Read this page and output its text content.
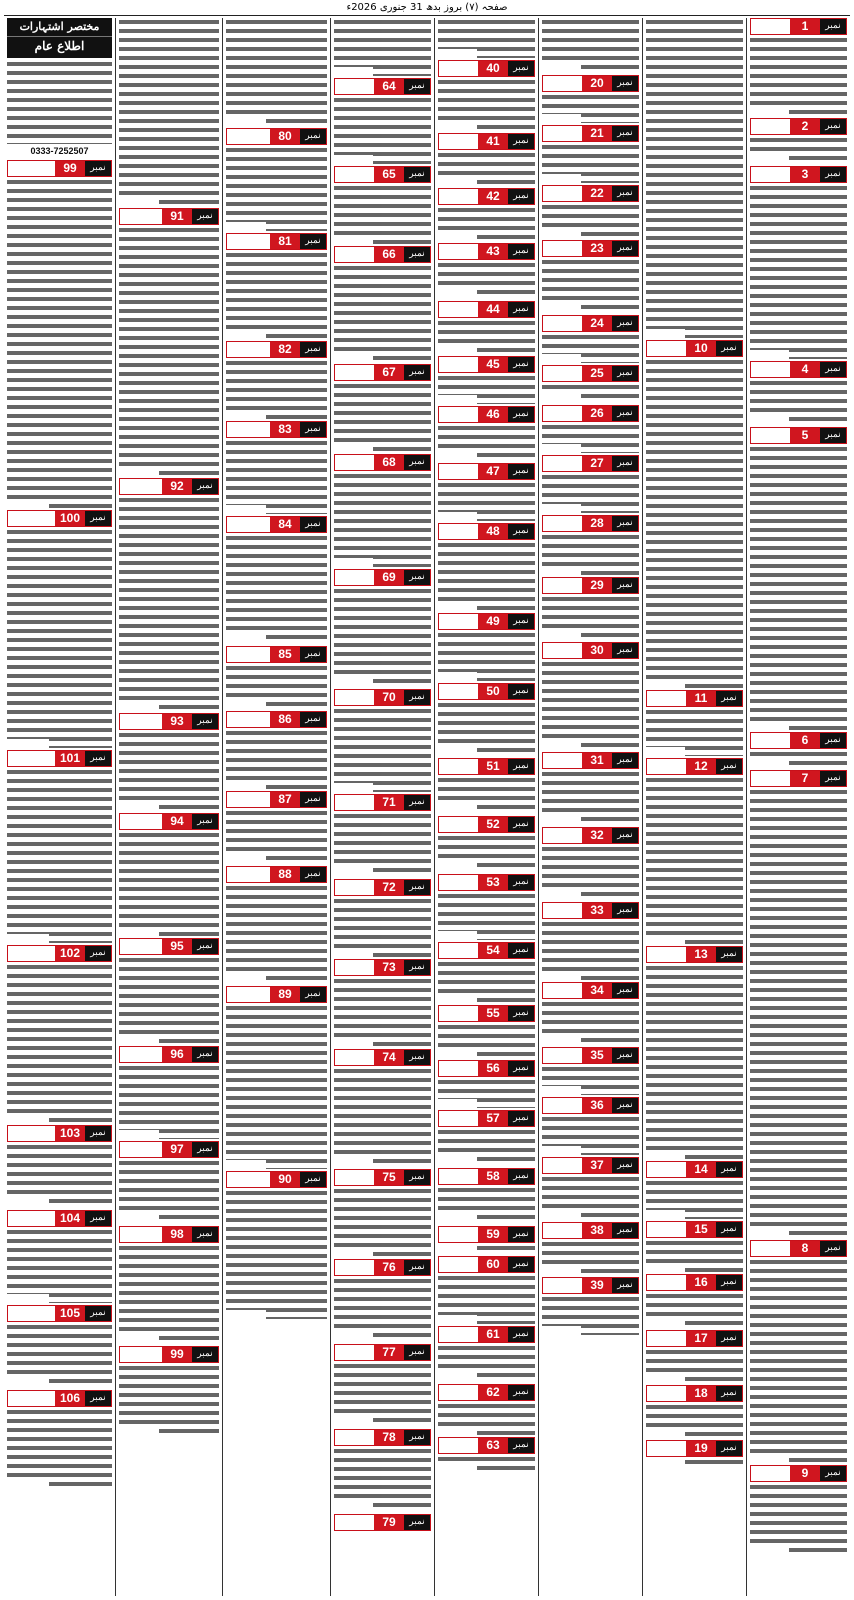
صفحہ (۷) بروز بدھ 31 جنوری 2026ء
1	نمبر
2	نمبر
3	نمبر
4	نمبر
5	نمبر
6	نمبر
7	نمبر
8	نمبر
9	نمبر
10	نمبر
11	نمبر
12	نمبر
13	نمبر
14	نمبر
15	نمبر
16	نمبر
17	نمبر
18	نمبر
19	نمبر
20	نمبر
21	نمبر
22	نمبر
23	نمبر
24	نمبر
25	نمبر
26	نمبر
27	نمبر
28	نمبر
29	نمبر
30	نمبر
31	نمبر
32	نمبر
33	نمبر
34	نمبر
35	نمبر
36	نمبر
37	نمبر
38	نمبر
39	نمبر
40	نمبر
41	نمبر
42	نمبر
43	نمبر
44	نمبر
45	نمبر
46	نمبر
47	نمبر
48	نمبر
49	نمبر
50	نمبر
51	نمبر
52	نمبر
53	نمبر
54	نمبر
55	نمبر
56	نمبر
57	نمبر
58	نمبر
59	نمبر
60	نمبر
61	نمبر
62	نمبر
63	نمبر
64	نمبر
65	نمبر
66	نمبر
67	نمبر
68	نمبر
69	نمبر
70	نمبر
71	نمبر
72	نمبر
73	نمبر
74	نمبر
75	نمبر
76	نمبر
77	نمبر
78	نمبر
79	نمبر
80	نمبر
81	نمبر
82	نمبر
83	نمبر
84	نمبر
85	نمبر
86	نمبر
87	نمبر
88	نمبر
89	نمبر
90	نمبر
91	نمبر
92	نمبر
93	نمبر
94	نمبر
95	نمبر
96	نمبر
97	نمبر
98	نمبر
99	نمبر
مختصر اشتہارات
اطلاع عام
0333-7252507
99	نمبر
100	نمبر
101	نمبر
102	نمبر
103	نمبر
104	نمبر
105	نمبر
106	نمبر
